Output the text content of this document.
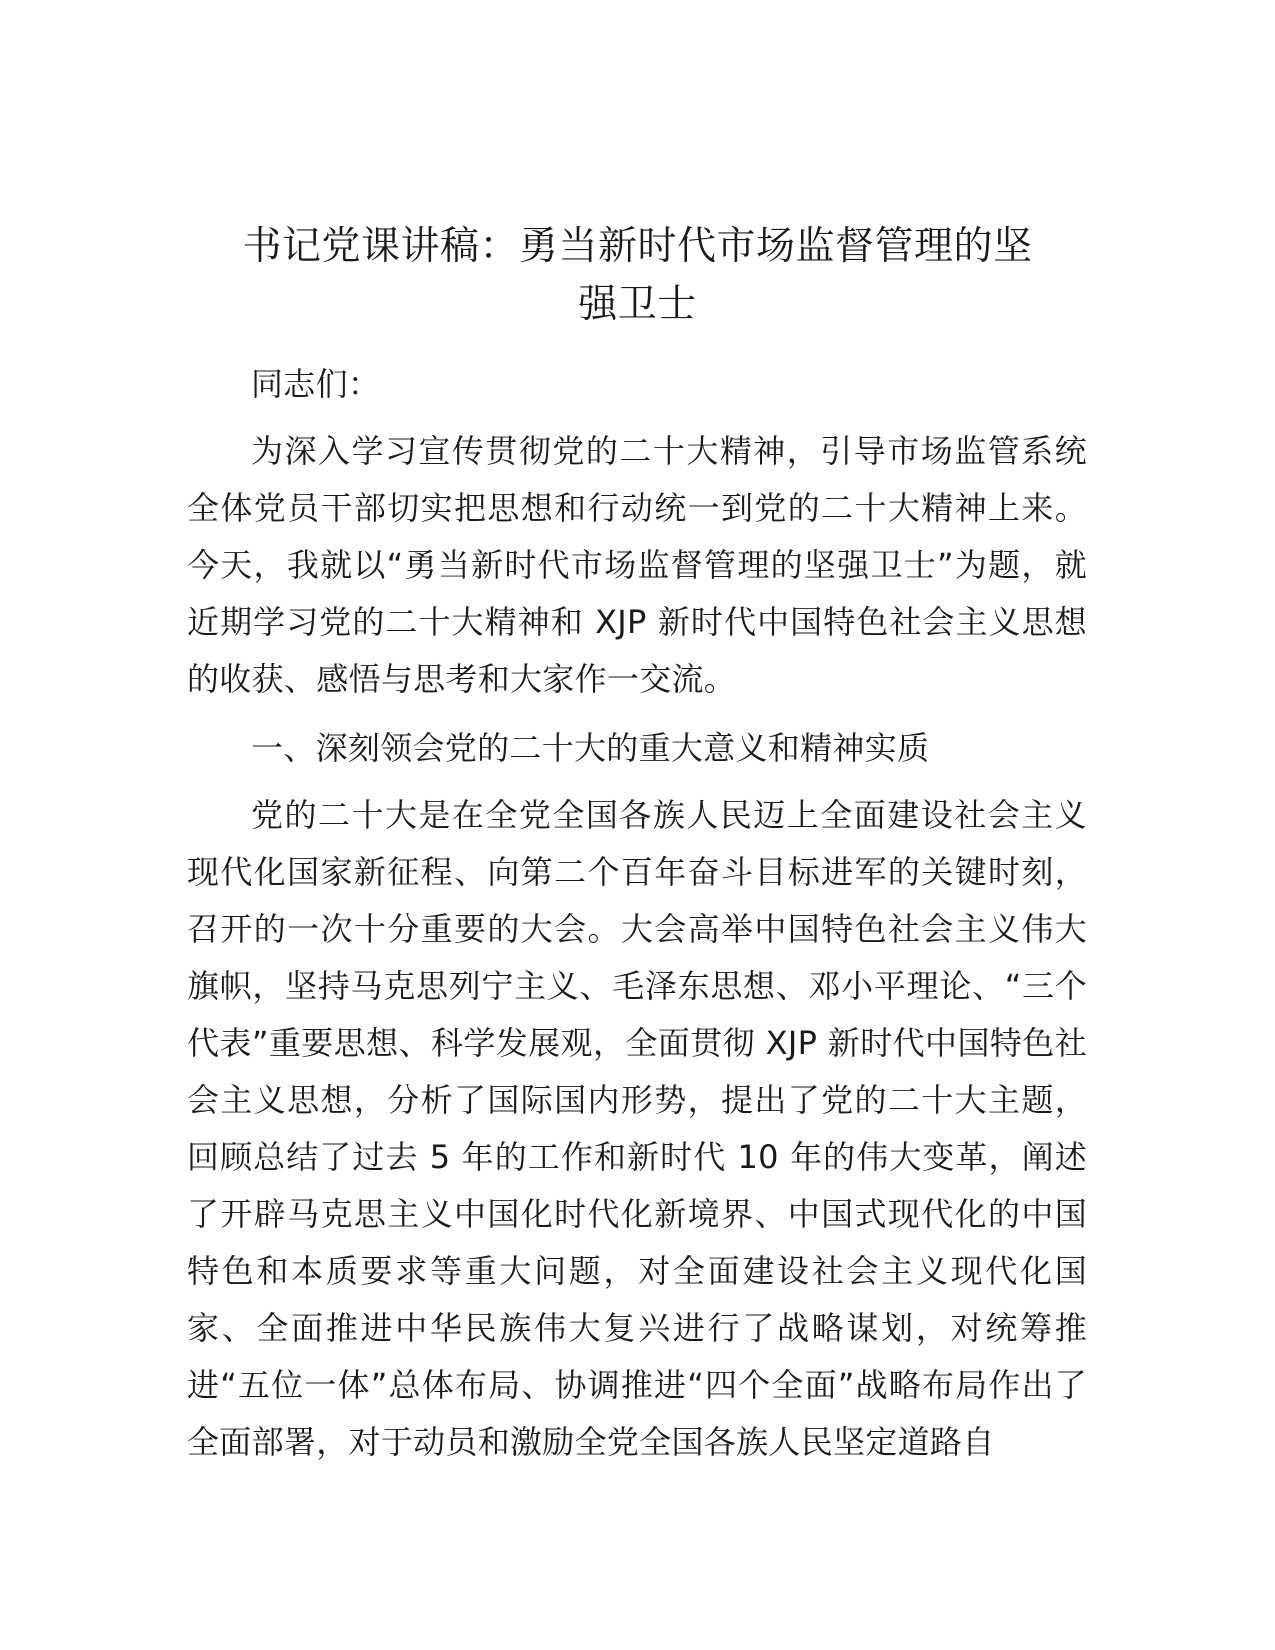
书记党课讲稿：勇当新时代市场监督管理的坚
强卫士

同志们：

为深入学习宣传贯彻党的二十大精神，引导市场监管系统全体党员干部切实把思想和行动统一到党的二十大精神上来。今天，我就以“勇当新时代市场监督管理的坚强卫士”为题，就近期学习党的二十大精神和 XJP 新时代中国特色社会主义思想的收获、感悟与思考和大家作一交流。

一、深刻领会党的二十大的重大意义和精神实质

党的二十大是在全党全国各族人民迈上全面建设社会主义现代化国家新征程、向第二个百年奋斗目标进军的关键时刻，召开的一次十分重要的大会。大会高举中国特色社会主义伟大旗帜，坚持马克思列宁主义、毛泽东思想、邓小平理论、“三个代表”重要思想、科学发展观，全面贯彻 XJP 新时代中国特色社会主义思想，分析了国际国内形势，提出了党的二十大主题，回顾总结了过去 5 年的工作和新时代 10 年的伟大变革，阐述了开辟马克思主义中国化时代化新境界、中国式现代化的中国特色和本质要求等重大问题，对全面建设社会主义现代化国家、全面推进中华民族伟大复兴进行了战略谋划，对统筹推进“五位一体”总体布局、协调推进“四个全面”战略布局作出了全面部署，对于动员和激励全党全国各族人民坚定道路自
